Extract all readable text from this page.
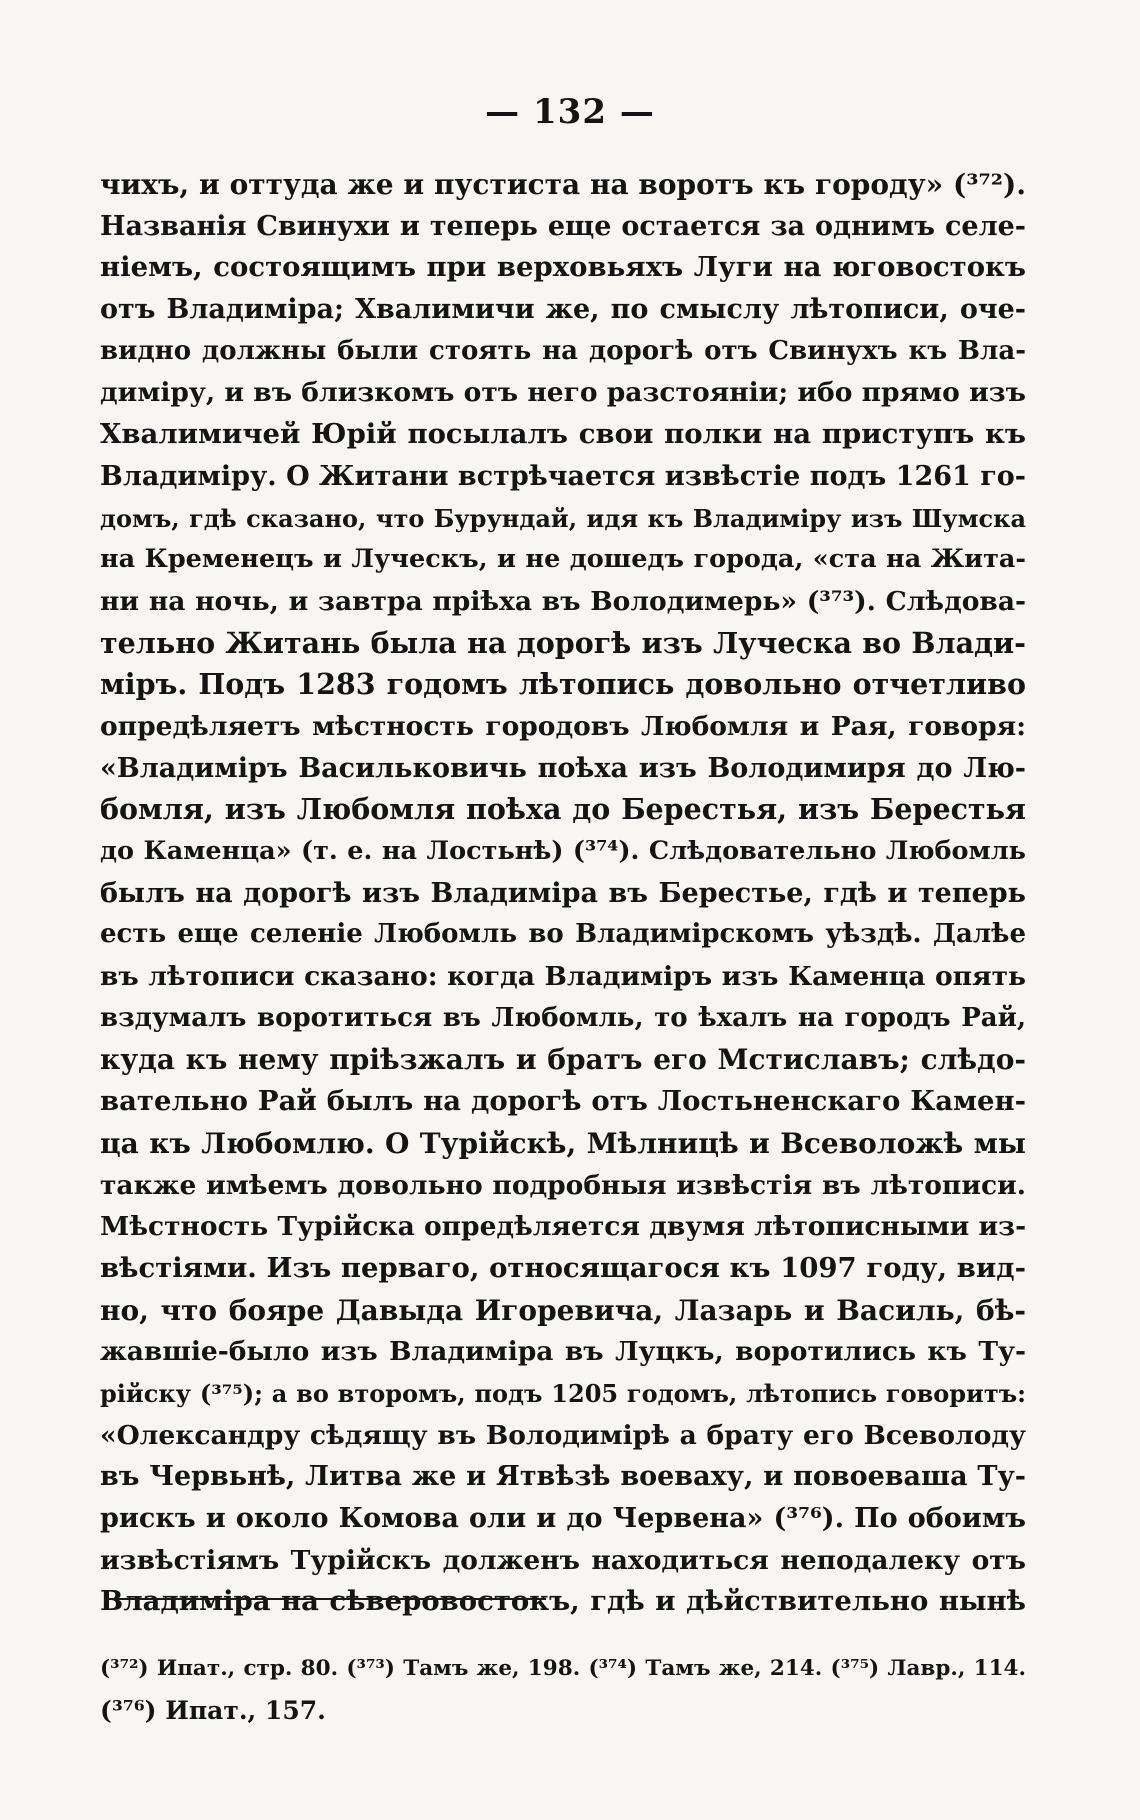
— 132 —
чихъ, и оттуда же и пустиста на воротъ къ городу» (³⁷²).
Названія Свинухи и теперь еще остается за однимъ селе-
ніемъ, состоящимъ при верховьяхъ Луги на юговостокъ
отъ Владиміра; Хвалимичи же, по смыслу лѣтописи, оче-
видно должны были стоять на дорогѣ отъ Свинухъ къ Вла-
диміру, и въ близкомъ отъ него разстояніи; ибо прямо изъ
Хвалимичей Юрій посылалъ свои полки на приступъ къ
Владиміру. О Житани встрѣчается извѣстіе подъ 1261 го-
домъ, гдѣ сказано, что Бурундай, идя къ Владиміру изъ Шумска
на Кременецъ и Луческъ, и не дошедъ города, «ста на Жита-
ни на ночь, и завтра пріѣха въ Володимерь» (³⁷³). Слѣдова-
тельно Житань была на дорогѣ изъ Луческа во Влади-
міръ. Подъ 1283 годомъ лѣтопись довольно отчетливо
опредѣляетъ мѣстность городовъ Любомля и Рая, говоря:
«Владиміръ Васильковичь поѣха изъ Володимиря до Лю-
бомля, изъ Любомля поѣха до Берестья, изъ Берестья
до Каменца» (т. е. на Лостьнѣ) (³⁷⁴). Слѣдовательно Любомль
былъ на дорогѣ изъ Владиміра въ Берестье, гдѣ и теперь
есть еще селеніе Любомль во Владимірскомъ уѣздѣ. Далѣе
въ лѣтописи сказано: когда Владиміръ изъ Каменца опять
вздумалъ воротиться въ Любомль, то ѣхалъ на городъ Рай,
куда къ нему пріѣзжалъ и братъ его Мстиславъ; слѣдо-
вательно Рай былъ на дорогѣ отъ Лостьненскаго Камен-
ца къ Любомлю. О Турійскѣ, Мѣлницѣ и Всеволожѣ мы
также имѣемъ довольно подробныя извѣстія въ лѣтописи.
Мѣстность Турійска опредѣляется двумя лѣтописными из-
вѣстіями. Изъ перваго, относящагося къ 1097 году, вид-
но, что бояре Давыда Игоревича, Лазарь и Василь, бѣ-
жавшіе-было изъ Владиміра въ Луцкъ, воротились къ Ту-
рійску (³⁷⁵); а во второмъ, подъ 1205 годомъ, лѣтопись говоритъ:
«Олександру сѣдящу въ Володимірѣ а брату его Всеволоду
въ Червьнѣ, Литва же и Ятвѣзѣ воеваху, и повоеваша Ту-
рискъ и около Комова оли и до Червена» (³⁷⁶). По обоимъ
извѣстіямъ Турійскъ долженъ находиться неподалеку отъ
Владиміра на сѣверовостокъ, гдѣ и дѣйствительно нынѣ
(³⁷²) Ипат., стр. 80. (³⁷³) Тамъ же, 198. (³⁷⁴) Тамъ же, 214. (³⁷⁵) Лавр., 114.
(³⁷⁶) Ипат., 157.
